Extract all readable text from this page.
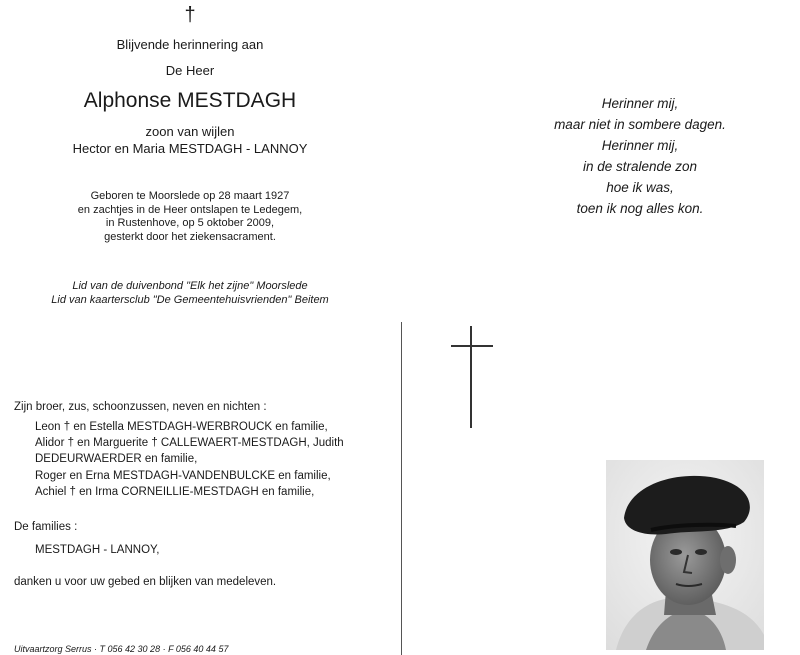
†
Blijvende herinnering aan
De Heer
Alphonse MESTDAGH
zoon van wijlen
Hector en Maria MESTDAGH - LANNOY
Geboren te Moorslede op 28 maart 1927
en zachtjes in de Heer ontslapen te Ledegem,
in Rustenhove, op 5 oktober 2009,
gesterkt door het ziekensacrament.
Lid van de duivenbond "Elk het zijne" Moorslede
Lid van kaartersclub "De Gemeentehuisvrienden" Beitem
Herinner mij,
maar niet in sombere dagen.
Herinner mij,
in de stralende zon
hoe ik was,
toen ik nog alles kon.
Zijn broer, zus, schoonzussen, neven en nichten :
Leon † en Estella MESTDAGH-WERBROUCK en familie,
Alidor † en Marguerite † CALLEWAERT-MESTDAGH, Judith
DEDEURWAERDER en familie,
Roger en Erna MESTDAGH-VANDENBULCKE en familie,
Achiel † en Irma CORNEILLIE-MESTDAGH en familie,
De families :
MESTDAGH - LANNOY,
danken u voor uw gebed en blijken van medeleven.
Uitvaartzorg Serrus · T 056 42 30 28 · F 056 40 44 57
